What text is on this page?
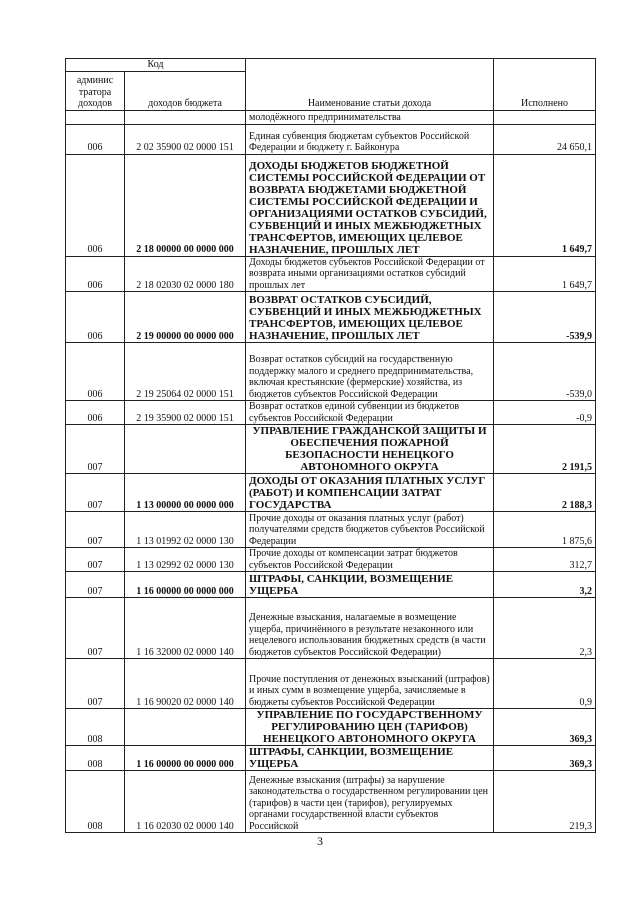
Код		Наименование статьи дохода	Исполнено
админис тратора доходов	доходов бюджета		
		молодёжного предпринимательства	
006	2 02 35900 02 0000 151	Единая субвенция бюджетам субъектов Российской Федерации и бюджету г. Байконура	24 650,1
006	2 18 00000 00 0000 000	ДОХОДЫ БЮДЖЕТОВ БЮДЖЕТНОЙ СИСТЕМЫ РОССИЙСКОЙ ФЕДЕРАЦИИ ОТ ВОЗВРАТА БЮДЖЕТАМИ БЮДЖЕТНОЙ СИСТЕМЫ РОССИЙСКОЙ ФЕДЕРАЦИИ И ОРГАНИЗАЦИЯМИ ОСТАТКОВ СУБСИДИЙ, СУБВЕНЦИЙ И ИНЫХ МЕЖБЮДЖЕТНЫХ ТРАНСФЕРТОВ, ИМЕЮЩИХ ЦЕЛЕВОЕ НАЗНАЧЕНИЕ, ПРОШЛЫХ ЛЕТ	1 649,7
006	2 18 02030 02 0000 180	Доходы бюджетов субъектов Российской Федерации от возврата иными организациями остатков субсидий прошлых лет	1 649,7
006	2 19 00000 00 0000 000	ВОЗВРАТ ОСТАТКОВ СУБСИДИЙ, СУБВЕНЦИЙ И ИНЫХ МЕЖБЮДЖЕТНЫХ ТРАНСФЕРТОВ, ИМЕЮЩИХ ЦЕЛЕВОЕ НАЗНАЧЕНИЕ, ПРОШЛЫХ ЛЕТ	-539,9
006	2 19 25064 02 0000 151	Возврат остатков субсидий на государственную поддержку малого и среднего предпринимательства, включая крестьянские (фермерские) хозяйства, из бюджетов субъектов Российской Федерации	-539,0
006	2 19 35900 02 0000 151	Возврат остатков единой субвенции из бюджетов субъектов Российской Федерации	-0,9
007		УПРАВЛЕНИЕ ГРАЖДАНСКОЙ ЗАЩИТЫ И ОБЕСПЕЧЕНИЯ ПОЖАРНОЙ БЕЗОПАСНОСТИ НЕНЕЦКОГО АВТОНОМНОГО ОКРУГА	2 191,5
007	1 13 00000 00 0000 000	ДОХОДЫ ОТ ОКАЗАНИЯ ПЛАТНЫХ УСЛУГ (РАБОТ) И КОМПЕНСАЦИИ ЗАТРАТ ГОСУДАРСТВА	2 188,3
007	1 13 01992 02 0000 130	Прочие доходы от оказания платных услуг (работ) получателями средств бюджетов субъектов Российской Федерации	1 875,6
007	1 13 02992 02 0000 130	Прочие доходы от компенсации затрат бюджетов субъектов Российской Федерации	312,7
007	1 16 00000 00 0000 000	ШТРАФЫ, САНКЦИИ, ВОЗМЕЩЕНИЕ УЩЕРБА	3,2
007	1 16 32000 02 0000 140	Денежные взыскания, налагаемые в возмещение ущерба, причинённого в результате незаконного или нецелевого использования бюджетных средств (в части бюджетов субъектов Российской Федерации)	2,3
007	1 16 90020 02 0000 140	Прочие поступления от денежных взысканий (штрафов) и иных сумм в возмещение ущерба, зачисляемые в бюджеты субъектов Российской Федерации	0,9
008		УПРАВЛЕНИЕ ПО ГОСУДАРСТВЕННОМУ РЕГУЛИРОВАНИЮ ЦЕН (ТАРИФОВ) НЕНЕЦКОГО АВТОНОМНОГО ОКРУГА	369,3
008	1 16 00000 00 0000 000	ШТРАФЫ, САНКЦИИ, ВОЗМЕЩЕНИЕ УЩЕРБА	369,3
008	1 16 02030 02 0000 140	Денежные взыскания (штрафы) за нарушение законодательства о государственном регулировании цен (тарифов) в части цен (тарифов), регулируемых органами государственной власти субъектов Российской	219,3
3
